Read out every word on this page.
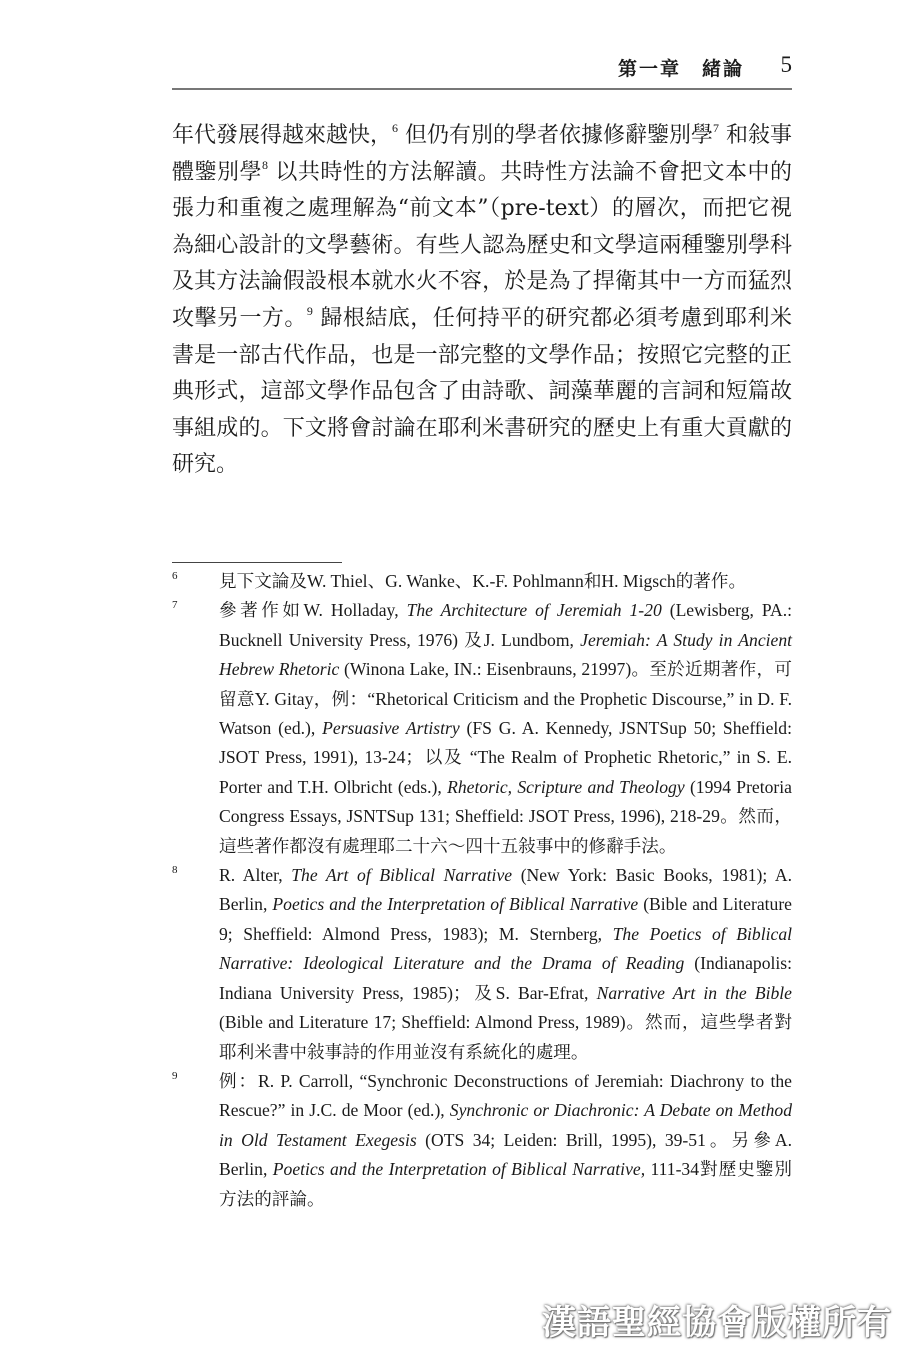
第一章　緒論 5
年代發展得越來越快，$^6$ 但仍有別的學者依據修辭鑒別學$^7$ 和敍事體鑒別學$^8$ 以共時性的方法解讀。共時性方法論不會把文本中的張力和重複之處理解為“前文本”（pre-text）的層次，而把它視為細心設計的文學藝術。有些人認為歷史和文學這兩種鑒別學科及其方法論假設根本就水火不容，於是為了捍衛其中一方而猛烈攻擊另一方。$^9$ 歸根結底，任何持平的研究都必須考慮到耶利米書是一部古代作品，也是一部完整的文學作品；按照它完整的正典形式，這部文學作品包含了由詩歌、詞藻華麗的言詞和短篇故事組成的。下文將會討論在耶利米書研究的歷史上有重大貢獻的研究。
6 見下文論及W. Thiel、G. Wanke、K.-F. Pohlmann和H. Migsch的著作。
7 參著作如W. Holladay, The Architecture of Jeremiah 1-20 (Lewisberg, PA.: Bucknell University Press, 1976) 及J. Lundbom, Jeremiah: A Study in Ancient Hebrew Rhetoric (Winona Lake, IN.: Eisenbrauns, 21997)。至於近期著作，可留意Y. Gitay，例：“Rhetorical Criticism and the Prophetic Discourse,” in D. F. Watson (ed.), Persuasive Artistry (FS G. A. Kennedy, JSNTSup 50; Sheffield: JSOT Press, 1991), 13-24；以及 “The Realm of Prophetic Rhetoric,” in S. E. Porter and T.H. Olbricht (eds.), Rhetoric, Scripture and Theology (1994 Pretoria Congress Essays, JSNTSup 131; Sheffield: JSOT Press, 1996), 218-29。然而，這些著作都沒有處理耶二十六～四十五敍事中的修辭手法。
8 R. Alter, The Art of Biblical Narrative (New York: Basic Books, 1981); A. Berlin, Poetics and the Interpretation of Biblical Narrative (Bible and Literature 9; Sheffield: Almond Press, 1983); M. Sternberg, The Poetics of Biblical Narrative: Ideological Literature and the Drama of Reading (Indianapolis: Indiana University Press, 1985)；及S. Bar-Efrat, Narrative Art in the Bible (Bible and Literature 17; Sheffield: Almond Press, 1989)。然而，這些學者對耶利米書中敍事詩的作用並沒有系統化的處理。
9 例：R. P. Carroll, “Synchronic Deconstructions of Jeremiah: Diachrony to the Rescue?” in J.C. de Moor (ed.), Synchronic or Diachronic: A Debate on Method in Old Testament Exegesis (OTS 34; Leiden: Brill, 1995), 39-51。另參A. Berlin, Poetics and the Interpretation of Biblical Narrative, 111-34對歷史鑒別方法的評論。
漢語聖經協會版權所有
